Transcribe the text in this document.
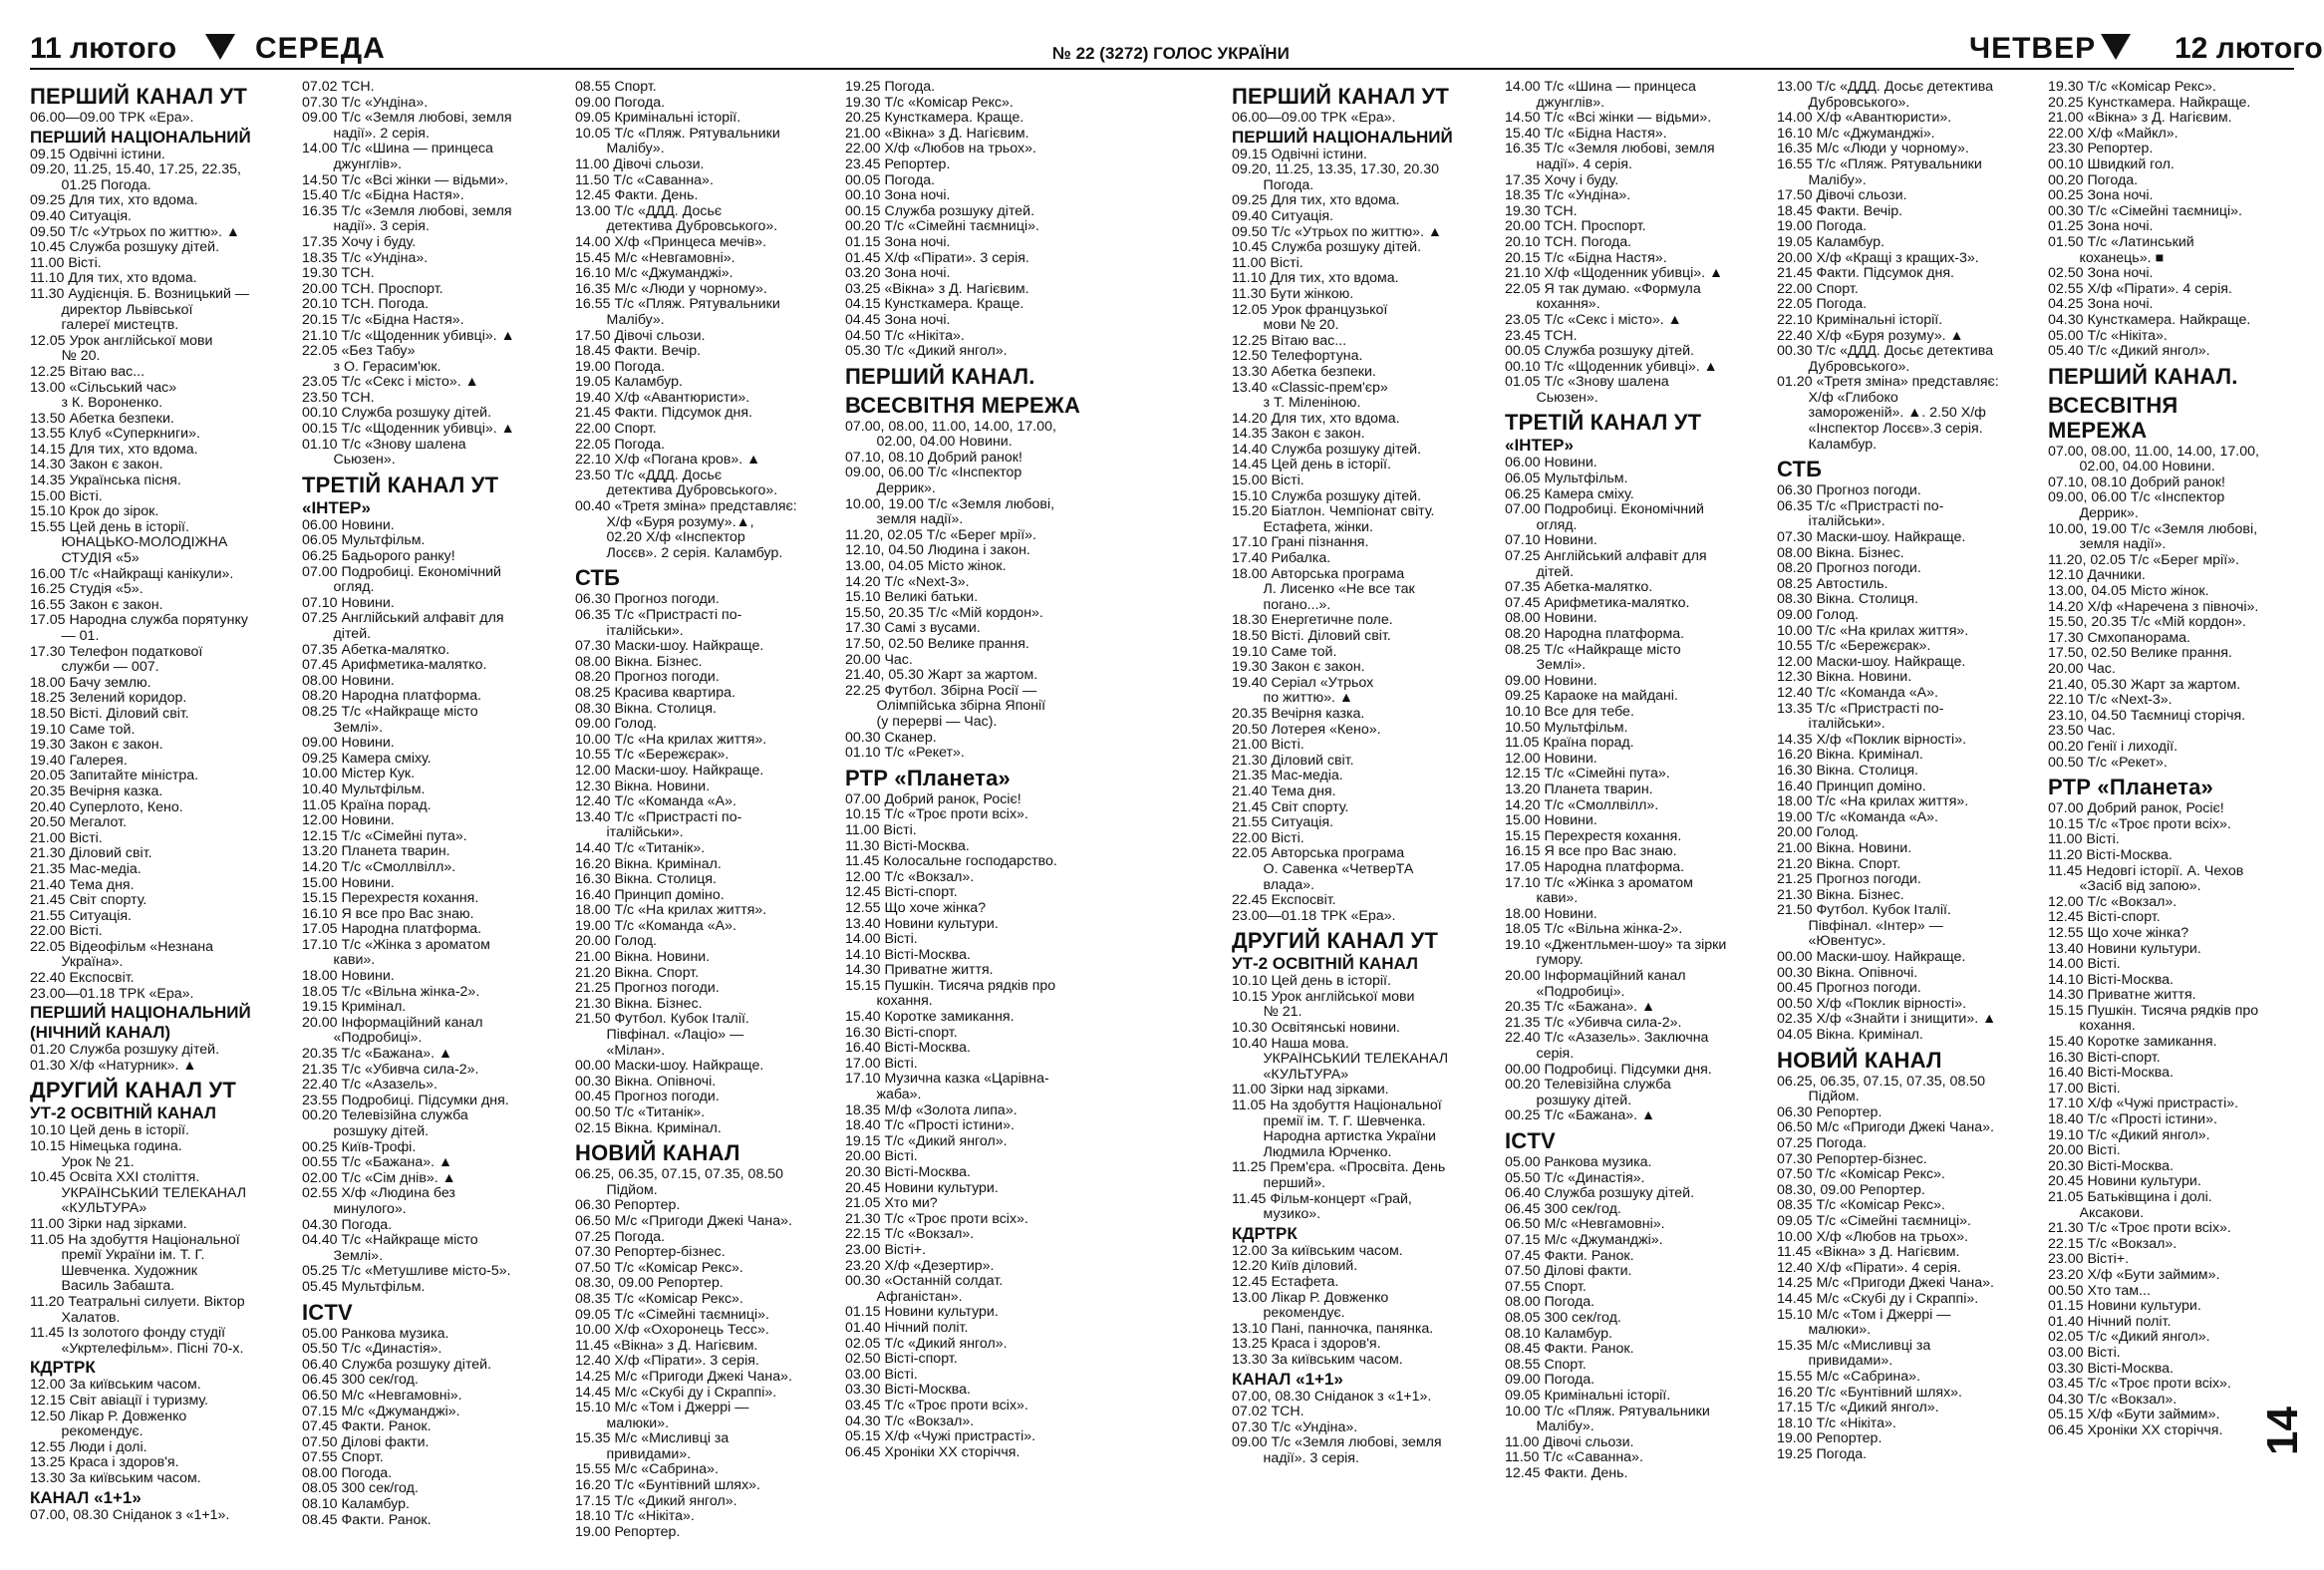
11 лютого	СЕРЕДА	№ 22 (3272) ГОЛОС УКРАЇНИ	ЧЕТВЕР	12 лютого
ПЕРШИЙ КАНАЛ УТ
06.00—09.00 ТРК «Ера».
ПЕРШИЙ НАЦІОНАЛЬНИЙ
09.15 Одвічні істини.
09.20, 11.25, 15.40, 17.25, 22.35,
01.25 Погода.
09.25 Для тих, хто вдома.
09.40 Ситуація.
09.50 Т/с «Утрьох по життю». ▲
10.45 Служба розшуку дітей.
11.00 Вісті.
11.10 Для тих, хто вдома.
11.30 Аудієнція. Б. Возницький —
директор Львівської
галереї мистецтв.
12.05 Урок англійської мови
№ 20.
12.25 Вітаю вас...
13.00 «Сільський час»
з К. Вороненко.
13.50 Абетка безпеки.
13.55 Клуб «Суперкниги».
14.15 Для тих, хто вдома.
14.30 Закон є закон.
14.35 Українська пісня.
15.00 Вісті.
15.10 Крок до зірок.
15.55 Цей день в історії.
ЮНАЦЬКО-МОЛОДІЖНА
СТУДІЯ «5»
16.00 Т/с «Найкращі канікули».
16.25 Студія «5».
16.55 Закон є закон.
17.05 Народна служба порятунку
— 01.
17.30 Телефон податкової
служби — 007.
18.00 Бачу землю.
18.25 Зелений коридор.
18.50 Вісті. Діловий світ.
19.10 Саме той.
19.30 Закон є закон.
19.40 Галерея.
20.05 Запитайте міністра.
20.35 Вечірня казка.
20.40 Суперлото, Кено.
20.50 Мегалот.
21.00 Вісті.
21.30 Діловий світ.
21.35 Мас-медіа.
21.40 Тема дня.
21.45 Світ спорту.
21.55 Ситуація.
22.00 Вісті.
22.05 Відеофільм «Незнана
Україна».
22.40 Експосвіт.
23.00—01.18 ТРК «Ера».
ПЕРШИЙ НАЦІОНАЛЬНИЙ
(НІЧНИЙ КАНАЛ)
01.20 Служба розшуку дітей.
01.30 Х/ф «Натурник». ▲
ДРУГИЙ КАНАЛ УТ
УТ-2 ОСВІТНІЙ КАНАЛ
10.10 Цей день в історії.
10.15 Німецька година.
Урок № 21.
10.45 Освіта XXI століття.
УКРАЇНСЬКИЙ ТЕЛЕКАНАЛ
«КУЛЬТУРА»
11.00 Зірки над зірками.
11.05 На здобуття Національної
премії України ім. Т. Г.
Шевченка. Художник
Василь Забашта.
11.20 Театральні силуети. Віктор
Халатов.
11.45 Із золотого фонду студії
«Укртелефільм». Пісні 70-х.
КДРТРК
12.00 За київським часом.
12.15 Світ авіації і туризму.
12.50 Лікар Р. Довженко
рекомендує.
12.55 Люди і долі.
13.25 Краса і здоров'я.
13.30 За київським часом.
КАНАЛ «1+1»
07.00, 08.30 Сніданок з «1+1».
07.02 ТСН.
07.30 Т/с «Ундіна».
09.00 Т/с «Земля любові, земля
надії». 2 серія.
14.00 Т/с «Шина — принцеса
джунглів».
14.50 Т/с «Всі жінки — відьми».
15.40 Т/с «Бідна Настя».
16.35 Т/с «Земля любові, земля
надії». 3 серія.
17.35 Хочу і буду.
18.35 Т/с «Ундіна».
19.30 ТСН.
20.00 ТСН. Проспорт.
20.10 ТСН. Погода.
20.15 Т/с «Бідна Настя».
21.10 Т/с «Щоденник убивці». ▲
22.05 «Без Табу»
з О. Герасим'юк.
23.05 Т/с «Секс і місто». ▲
23.50 ТСН.
00.10 Служба розшуку дітей.
00.15 Т/с «Щоденник убивці». ▲
01.10 Т/с «Знову шалена
Сьюзен».
ТРЕТІЙ КАНАЛ УТ
«ІНТЕР»
06.00 Новини.
06.05 Мультфільм.
06.25 Бадьорого ранку!
07.00 Подробиці. Економічний
огляд.
07.10 Новини.
07.25 Англійський алфавіт для
дітей.
07.35 Абетка-малятко.
07.45 Арифметика-малятко.
08.00 Новини.
08.20 Народна платформа.
08.25 Т/с «Найкраще місто
Землі».
09.00 Новини.
09.25 Камера сміху.
10.00 Містер Кук.
10.40 Мультфільм.
11.05 Країна порад.
12.00 Новини.
12.15 Т/с «Сімейні пута».
13.20 Планета тварин.
14.20 Т/с «Смоллвілл».
15.00 Новини.
15.15 Перехрестя кохання.
16.10 Я все про Вас знаю.
17.05 Народна платформа.
17.10 Т/с «Жінка з ароматом
кави».
18.00 Новини.
18.05 Т/с «Вільна жінка-2».
19.15 Кримінал.
20.00 Інформаційний канал
«Подробиці».
20.35 Т/с «Бажана». ▲
21.35 Т/с «Убивча сила-2».
22.40 Т/с «Азазель».
23.55 Подробиці. Підсумки дня.
00.20 Телевізійна служба
розшуку дітей.
00.25 Київ-Трофі.
00.55 Т/с «Бажана». ▲
02.00 Т/с «Сім днів». ▲
02.55 Х/ф «Людина без
минулого».
04.30 Погода.
04.40 Т/с «Найкраще місто
Землі».
05.25 Т/с «Метушливе місто-5».
05.45 Мультфільм.
ICTV
05.00 Ранкова музика.
05.50 Т/с «Династія».
06.40 Служба розшуку дітей.
06.45 300 сек/год.
06.50 М/с «Невгамовні».
07.15 М/с «Джуманджі».
07.45 Факти. Ранок.
07.50 Ділові факти.
07.55 Спорт.
08.00 Погода.
08.05 300 сек/год.
08.10 Каламбур.
08.45 Факти. Ранок.
08.55 Спорт.
09.00 Погода.
09.05 Кримінальні історії.
10.05 Т/с «Пляж. Рятувальники
Малібу».
11.00 Дівочі сльози.
11.50 Т/с «Саванна».
12.45 Факти. День.
13.00 Т/с «ДДД. Досьє
детектива Дубровського».
14.00 Х/ф «Принцеса мечів».
15.45 М/с «Невгамовні».
16.10 М/с «Джуманджі».
16.35 М/с «Люди у чорному».
16.55 Т/с «Пляж. Рятувальники
Малібу».
17.50 Дівочі сльози.
18.45 Факти. Вечір.
19.00 Погода.
19.05 Каламбур.
19.40 Х/ф «Авантюристи».
21.45 Факти. Підсумок дня.
22.00 Спорт.
22.05 Погода.
22.10 Х/ф «Погана кров». ▲
23.50 Т/с «ДДД. Досьє
детектива Дубровського».
00.40 «Третя зміна» представляє:
Х/ф «Буря розуму».▲,
02.20 Х/ф «Інспектор
Лосєв». 2 серія. Каламбур.
СТБ
06.30 Прогноз погоди.
06.35 Т/с «Пристрасті по-
італійськи».
07.30 Маски-шоу. Найкраще.
08.00 Вікна. Бізнес.
08.20 Прогноз погоди.
08.25 Красива квартира.
08.30 Вікна. Столиця.
09.00 Голод.
10.00 Т/с «На крилах життя».
10.55 Т/с «Бережєрак».
12.00 Маски-шоу. Найкраще.
12.30 Вікна. Новини.
12.40 Т/с «Команда «А».
13.40 Т/с «Пристрасті по-
італійськи».
14.40 Т/с «Титанік».
16.20 Вікна. Кримінал.
16.30 Вікна. Столиця.
16.40 Принцип доміно.
18.00 Т/с «На крилах життя».
19.00 Т/с «Команда «А».
20.00 Голод.
21.00 Вікна. Новини.
21.20 Вікна. Спорт.
21.25 Прогноз погоди.
21.30 Вікна. Бізнес.
21.50 Футбол. Кубок Італії.
Півфінал. «Лаціо» —
«Мілан».
00.00 Маски-шоу. Найкраще.
00.30 Вікна. Опівночі.
00.45 Прогноз погоди.
00.50 Т/с «Титанік».
02.15 Вікна. Кримінал.
НОВИЙ КАНАЛ
06.25, 06.35, 07.15, 07.35, 08.50
Підйом.
06.30 Репортер.
06.50 М/с «Пригоди Джекі Чана».
07.25 Погода.
07.30 Репортер-бізнес.
07.50 Т/с «Комісар Рекс».
08.30, 09.00 Репортер.
08.35 Т/с «Комісар Рекс».
09.05 Т/с «Сімейні таємниці».
10.00 Х/ф «Охоронець Тесс».
11.45 «Вікна» з Д. Нагієвим.
12.40 Х/ф «Пірати». 3 серія.
14.25 М/с «Пригоди Джекі Чана».
14.45 М/с «Скубі ду і Скраппі».
15.10 М/с «Том і Джеррі —
малюки».
15.35 М/с «Мисливці за
привидами».
15.55 М/с «Сабрина».
16.20 Т/с «Бунтівний шлях».
17.15 Т/с «Дикий янгол».
18.10 Т/с «Нікіта».
19.00 Репортер.
19.25 Погода.
19.30 Т/с «Комісар Рекс».
20.25 Кунсткамера. Краще.
21.00 «Вікна» з Д. Нагієвим.
22.00 Х/ф «Любов на трьох».
23.45 Репортер.
00.05 Погода.
00.10 Зона ночі.
00.15 Служба розшуку дітей.
00.20 Т/с «Сімейні таємниці».
01.15 Зона ночі.
01.45 Х/ф «Пірати». 3 серія.
03.20 Зона ночі.
03.25 «Вікна» з Д. Нагієвим.
04.15 Кунсткамера. Краще.
04.45 Зона ночі.
04.50 Т/с «Нікіта».
05.30 Т/с «Дикий янгол».
ПЕРШИЙ КАНАЛ.
ВСЕСВІТНЯ МЕРЕЖА
07.00, 08.00, 11.00, 14.00, 17.00,
02.00, 04.00 Новини.
07.10, 08.10 Добрий ранок!
09.00, 06.00 Т/с «Інспектор
Деррик».
10.00, 19.00 Т/с «Земля любові,
земля надії».
11.20, 02.05 Т/с «Берег мрії».
12.10, 04.50 Людина і закон.
13.00, 04.05 Місто жінок.
14.20 Т/с «Next-3».
15.10 Великі батьки.
15.50, 20.35 Т/с «Мій кордон».
17.30 Самі з вусами.
17.50, 02.50 Велике прання.
20.00 Час.
21.40, 05.30 Жарт за жартом.
22.25 Футбол. Збірна Росії —
Олімпійська збірна Японії
(у перерві — Час).
00.30 Сканер.
01.10 Т/с «Рекет».
РТР «Планета»
07.00 Добрий ранок, Росіє!
10.15 Т/с «Троє проти всіх».
11.00 Вісті.
11.30 Вісті-Москва.
11.45 Колосальне господарство.
12.00 Т/с «Вокзал».
12.45 Вісті-спорт.
12.55 Що хоче жінка?
13.40 Новини культури.
14.00 Вісті.
14.10 Вісті-Москва.
14.30 Приватне життя.
15.15 Пушкін. Тисяча рядків про
кохання.
15.40 Коротке замикання.
16.30 Вісті-спорт.
16.40 Вісті-Москва.
17.00 Вісті.
17.10 Музична казка «Царівна-
жаба».
18.35 М/ф «Золота липа».
18.40 Т/с «Прості істини».
19.15 Т/с «Дикий янгол».
20.00 Вісті.
20.30 Вісті-Москва.
20.45 Новини культури.
21.05 Хто ми?
21.30 Т/с «Троє проти всіх».
22.15 Т/с «Вокзал».
23.00 Вісті+.
23.20 Х/ф «Дезертир».
00.30 «Останній солдат.
Афганістан».
01.15 Новини культури.
01.40 Нічний політ.
02.05 Т/с «Дикий янгол».
02.50 Вісті-спорт.
03.00 Вісті.
03.30 Вісті-Москва.
03.45 Т/с «Троє проти всіх».
04.30 Т/с «Вокзал».
05.15 Х/ф «Чужі пристрасті».
06.45 Хроніки XX сторіччя.
ПЕРШИЙ КАНАЛ УТ
06.00—09.00 ТРК «Ера».
ПЕРШИЙ НАЦІОНАЛЬНИЙ
09.15 Одвічні істини.
09.20, 11.25, 13.35, 17.30, 20.30
Погода.
09.25 Для тих, хто вдома.
09.40 Ситуація.
09.50 Т/с «Утрьох по життю». ▲
10.45 Служба розшуку дітей.
11.00 Вісті.
11.10 Для тих, хто вдома.
11.30 Бути жінкою.
12.05 Урок французької
мови № 20.
12.25 Вітаю вас...
12.50 Телефортуна.
13.30 Абетка безпеки.
13.40 «Classic-прем'єр»
з Т. Міленіною.
14.20 Для тих, хто вдома.
14.35 Закон є закон.
14.40 Служба розшуку дітей.
14.45 Цей день в історії.
15.00 Вісті.
15.10 Служба розшуку дітей.
15.20 Біатлон. Чемпіонат світу.
Естафета, жінки.
17.10 Грані пізнання.
17.40 Рибалка.
18.00 Авторська програма
Л. Лисенко «Не все так
погано...».
18.30 Енергетичне поле.
18.50 Вісті. Діловий світ.
19.10 Саме той.
19.30 Закон є закон.
19.40 Серіал «Утрьох
по життю». ▲
20.35 Вечірня казка.
20.50 Лотерея «Кено».
21.00 Вісті.
21.30 Діловий світ.
21.35 Мас-медіа.
21.40 Тема дня.
21.45 Світ спорту.
21.55 Ситуація.
22.00 Вісті.
22.05 Авторська програма
О. Савенка «ЧетверТА
влада».
22.45 Експосвіт.
23.00—01.18 ТРК «Ера».
ДРУГИЙ КАНАЛ УТ
УТ-2 ОСВІТНІЙ КАНАЛ
10.10 Цей день в історії.
10.15 Урок англійської мови
№ 21.
10.30 Освітянські новини.
10.40 Наша мова.
УКРАЇНСЬКИЙ ТЕЛЕКАНАЛ
«КУЛЬТУРА»
11.00 Зірки над зірками.
11.05 На здобуття Національної
премії ім. Т. Г. Шевченка.
Народна артистка України
Людмила Юрченко.
11.25 Прем'єра. «Просвіта. День
перший».
11.45 Фільм-концерт «Грай,
музико».
КДРТРК
12.00 За київським часом.
12.20 Київ діловий.
12.45 Естафета.
13.00 Лікар Р. Довженко
рекомендує.
13.10 Пані, панночка, панянка.
13.25 Краса і здоров'я.
13.30 За київським часом.
КАНАЛ «1+1»
07.00, 08.30 Сніданок з «1+1».
07.02 ТСН.
07.30 Т/с «Ундіна».
09.00 Т/с «Земля любові, земля
надії». 3 серія.
14.00 Т/с «Шина — принцеса
джунглів».
14.50 Т/с «Всі жінки — відьми».
15.40 Т/с «Бідна Настя».
16.35 Т/с «Земля любові, земля
надії». 4 серія.
17.35 Хочу і буду.
18.35 Т/с «Ундіна».
19.30 ТСН.
20.00 ТСН. Проспорт.
20.10 ТСН. Погода.
20.15 Т/с «Бідна Настя».
21.10 Х/ф «Щоденник убивці». ▲
22.05 Я так думаю. «Формула
кохання».
23.05 Т/с «Секс і місто». ▲
23.45 ТСН.
00.05 Служба розшуку дітей.
00.10 Т/с «Щоденник убивці». ▲
01.05 Т/с «Знову шалена
Сьюзен».
ТРЕТІЙ КАНАЛ УТ
«ІНТЕР»
06.00 Новини.
06.05 Мультфільм.
06.25 Камера сміху.
07.00 Подробиці. Економічний
огляд.
07.10 Новини.
07.25 Англійський алфавіт для
дітей.
07.35 Абетка-малятко.
07.45 Арифметика-малятко.
08.00 Новини.
08.20 Народна платформа.
08.25 Т/с «Найкраще місто
Землі».
09.00 Новини.
09.25 Караоке на майдані.
10.10 Все для тебе.
10.50 Мультфільм.
11.05 Країна порад.
12.00 Новини.
12.15 Т/с «Сімейні пута».
13.20 Планета тварин.
14.20 Т/с «Смоллвілл».
15.00 Новини.
15.15 Перехрестя кохання.
16.15 Я все про Вас знаю.
17.05 Народна платформа.
17.10 Т/с «Жінка з ароматом
кави».
18.00 Новини.
18.05 Т/с «Вільна жінка-2».
19.10 «Джентльмен-шоу» та зірки
гумору.
20.00 Інформаційний канал
«Подробиці».
20.35 Т/с «Бажана». ▲
21.35 Т/с «Убивча сила-2».
22.40 Т/с «Азазель». Заключна
серія.
00.00 Подробиці. Підсумки дня.
00.20 Телевізійна служба
розшуку дітей.
00.25 Т/с «Бажана». ▲
ICTV
05.00 Ранкова музика.
05.50 Т/с «Династія».
06.40 Служба розшуку дітей.
06.45 300 сек/год.
06.50 М/с «Невгамовні».
07.15 М/с «Джуманджі».
07.45 Факти. Ранок.
07.50 Ділові факти.
07.55 Спорт.
08.00 Погода.
08.05 300 сек/год.
08.10 Каламбур.
08.45 Факти. Ранок.
08.55 Спорт.
09.00 Погода.
09.05 Кримінальні історії.
10.00 Т/с «Пляж. Рятувальники
Малібу».
11.00 Дівочі сльози.
11.50 Т/с «Саванна».
12.45 Факти. День.
13.00 Т/с «ДДД. Досьє детектива
Дубровського».
14.00 Х/ф «Авантюристи».
16.10 М/с «Джуманджі».
16.35 М/с «Люди у чорному».
16.55 Т/с «Пляж. Рятувальники
Малібу».
17.50 Дівочі сльози.
18.45 Факти. Вечір.
19.00 Погода.
19.05 Каламбур.
20.00 Х/ф «Кращі з кращих-3».
21.45 Факти. Підсумок дня.
22.00 Спорт.
22.05 Погода.
22.10 Кримінальні історії.
22.40 Х/ф «Буря розуму». ▲
00.30 Т/с «ДДД. Досьє детектива
Дубровського».
01.20 «Третя зміна» представляє:
Х/ф «Глибоко
замороженій». ▲. 2.50 Х/ф
«Інспектор Лосєв».3 серія.
Каламбур.
СТБ
06.30 Прогноз погоди.
06.35 Т/с «Пристрасті по-
італійськи».
07.30 Маски-шоу. Найкраще.
08.00 Вікна. Бізнес.
08.20 Прогноз погоди.
08.25 Автостиль.
08.30 Вікна. Столиця.
09.00 Голод.
10.00 Т/с «На крилах життя».
10.55 Т/с «Бережєрак».
12.00 Маски-шоу. Найкраще.
12.30 Вікна. Новини.
12.40 Т/с «Команда «А».
13.35 Т/с «Пристрасті по-
італійськи».
14.35 Х/ф «Поклик вірності».
16.20 Вікна. Кримінал.
16.30 Вікна. Столиця.
16.40 Принцип доміно.
18.00 Т/с «На крилах життя».
19.00 Т/с «Команда «А».
20.00 Голод.
21.00 Вікна. Новини.
21.20 Вікна. Спорт.
21.25 Прогноз погоди.
21.30 Вікна. Бізнес.
21.50 Футбол. Кубок Італії.
Півфінал. «Інтер» —
«Ювентус».
00.00 Маски-шоу. Найкраще.
00.30 Вікна. Опівночі.
00.45 Прогноз погоди.
00.50 Х/ф «Поклик вірності».
02.35 Х/ф «Знайти і знищити». ▲
04.05 Вікна. Кримінал.
НОВИЙ КАНАЛ
06.25, 06.35, 07.15, 07.35, 08.50
Підйом.
06.30 Репортер.
06.50 М/с «Пригоди Джекі Чана».
07.25 Погода.
07.30 Репортер-бізнес.
07.50 Т/с «Комісар Рекс».
08.30, 09.00 Репортер.
08.35 Т/с «Комісар Рекс».
09.05 Т/с «Сімейні таємниці».
10.00 Х/ф «Любов на трьох».
11.45 «Вікна» з Д. Нагієвим.
12.40 Х/ф «Пірати». 4 серія.
14.25 М/с «Пригоди Джекі Чана».
14.45 М/с «Скубі ду і Скраппі».
15.10 М/с «Том і Джеррі —
малюки».
15.35 М/с «Мисливці за
привидами».
15.55 М/с «Сабрина».
16.20 Т/с «Бунтівний шлях».
17.15 Т/с «Дикий янгол».
18.10 Т/с «Нікіта».
19.00 Репортер.
19.25 Погода.
19.30 Т/с «Комісар Рекс».
20.25 Кунсткамера. Найкраще.
21.00 «Вікна» з Д. Нагієвим.
22.00 Х/ф «Майкл».
23.30 Репортер.
00.10 Швидкий гол.
00.20 Погода.
00.25 Зона ночі.
00.30 Т/с «Сімейні таємниці».
01.25 Зона ночі.
01.50 Т/с «Латинський
коханець». ■
02.50 Зона ночі.
02.55 Х/ф «Пірати». 4 серія.
04.25 Зона ночі.
04.30 Кунсткамера. Найкраще.
05.00 Т/с «Нікіта».
05.40 Т/с «Дикий янгол».
ПЕРШИЙ КАНАЛ.
ВСЕСВІТНЯ МЕРЕЖА
07.00, 08.00, 11.00, 14.00, 17.00,
02.00, 04.00 Новини.
07.10, 08.10 Добрий ранок!
09.00, 06.00 Т/с «Інспектор
Деррик».
10.00, 19.00 Т/с «Земля любові,
земля надії».
11.20, 02.05 Т/с «Берег мрії».
12.10 Дачники.
13.00, 04.05 Місто жінок.
14.20 Х/ф «Наречена з півночі».
15.50, 20.35 Т/с «Мій кордон».
17.30 Смхопанорама.
17.50, 02.50 Велике прання.
20.00 Час.
21.40, 05.30 Жарт за жартом.
22.10 Т/с «Next-3».
23.10, 04.50 Таємниці сторічя.
23.50 Час.
00.20 Генії і лиходії.
00.50 Т/с «Рекет».
РТР «Планета»
07.00 Добрий ранок, Росіє!
10.15 Т/с «Троє проти всіх».
11.00 Вісті.
11.20 Вісті-Москва.
11.45 Недовгі історії. А. Чехов
«Засіб від запою».
12.00 Т/с «Вокзал».
12.45 Вісті-спорт.
12.55 Що хоче жінка?
13.40 Новини культури.
14.00 Вісті.
14.10 Вісті-Москва.
14.30 Приватне життя.
15.15 Пушкін. Тисяча рядків про
кохання.
15.40 Коротке замикання.
16.30 Вісті-спорт.
16.40 Вісті-Москва.
17.00 Вісті.
17.10 Х/ф «Чужі пристрасті».
18.40 Т/с «Прості істини».
19.10 Т/с «Дикий янгол».
20.00 Вісті.
20.30 Вісті-Москва.
20.45 Новини культури.
21.05 Батьківщина і долі.
Аксакови.
21.30 Т/с «Троє проти всіх».
22.15 Т/с «Вокзал».
23.00 Вісті+.
23.20 Х/ф «Бути займим».
00.50 Хто там...
01.15 Новини культури.
01.40 Нічний політ.
02.05 Т/с «Дикий янгол».
03.00 Вісті.
03.30 Вісті-Москва.
03.45 Т/с «Троє проти всіх».
04.30 Т/с «Вокзал».
05.15 Х/ф «Бути займим».
06.45 Хроніки XX сторіччя. 14
